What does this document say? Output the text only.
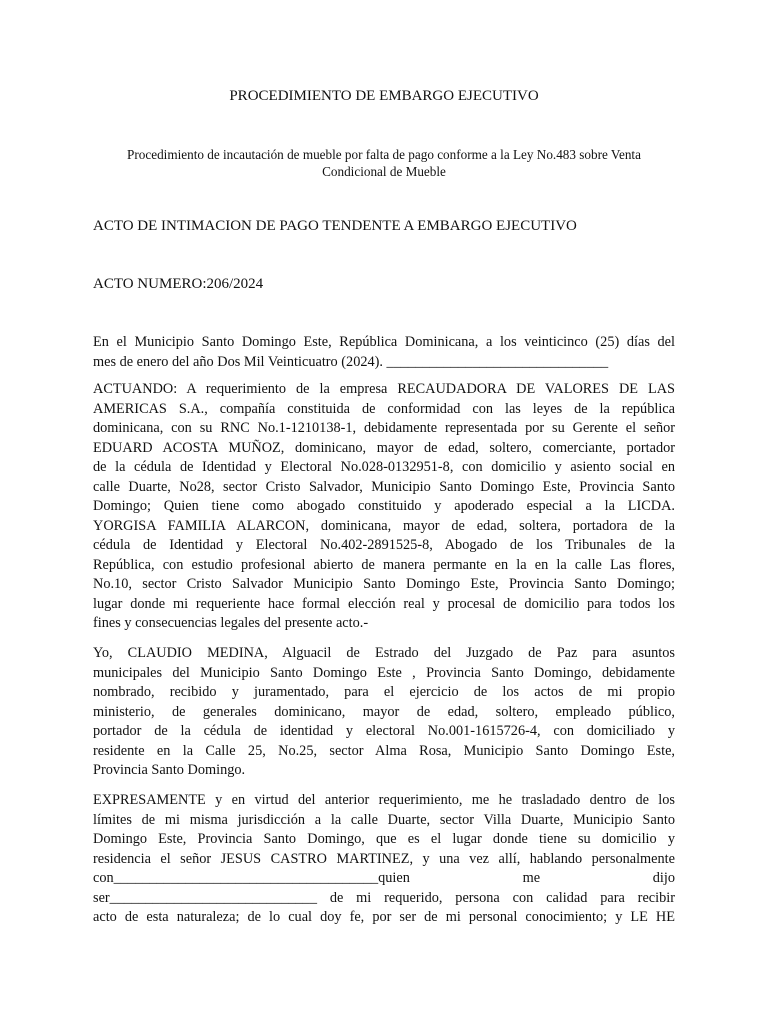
PROCEDIMIENTO DE EMBARGO EJECUTIVO
Procedimiento de incautación de mueble por falta de pago conforme a la Ley No.483 sobre Venta
Condicional de Mueble
ACTO DE INTIMACION DE PAGO TENDENTE A EMBARGO EJECUTIVO
ACTO NUMERO:206/2024
En el Municipio Santo Domingo Este, República Dominicana, a los veinticinco (25) días del
mes de enero del año Dos Mil Veinticuatro (2024). _______________________________
ACTUANDO: A requerimiento de la empresa RECAUDADORA DE VALORES DE LAS
AMERICAS S.A., compañía constituida de conformidad con las leyes de la república
dominicana, con su RNC No.1-1210138-1, debidamente representada por su Gerente el señor
EDUARD ACOSTA MUÑOZ, dominicano, mayor de edad, soltero, comerciante, portador
de la cédula de Identidad y Electoral No.028-0132951-8, con domicilio y asiento social en
calle Duarte, No28, sector Cristo Salvador, Municipio Santo Domingo Este, Provincia Santo
Domingo; Quien tiene como abogado constituido y apoderado especial a la LICDA.
YORGISA FAMILIA ALARCON, dominicana, mayor de edad, soltera, portadora de la
cédula de Identidad y Electoral No.402-2891525-8, Abogado de los Tribunales de la
República, con estudio profesional abierto de manera permante en la en la calle Las flores,
No.10, sector Cristo Salvador Municipio Santo Domingo Este, Provincia Santo Domingo;
lugar donde mi requeriente hace formal elección real y procesal de domicilio para todos los
fines y consecuencias legales del presente acto.-
Yo, CLAUDIO MEDINA, Alguacil de Estrado del Juzgado de Paz para asuntos
municipales del Municipio Santo Domingo Este , Provincia Santo Domingo, debidamente
nombrado, recibido y juramentado, para el ejercicio de los actos de mi propio
ministerio, de generales dominicano, mayor de edad, soltero, empleado público,
portador de la cédula de identidad y electoral No.001-1615726-4, con domiciliado y
residente en la Calle 25, No.25, sector Alma Rosa, Municipio Santo Domingo Este,
Provincia Santo Domingo.
EXPRESAMENTE y en virtud del anterior requerimiento, me he trasladado dentro de los
límites de mi misma jurisdicción a la calle Duarte, sector Villa Duarte, Municipio Santo
Domingo Este, Provincia Santo Domingo, que es el lugar donde tiene su domicilio y
residencia el señor JESUS CASTRO MARTINEZ, y una vez allí, hablando personalmente
con_____________________________________quien me dijo
ser_____________________________ de mi requerido, persona con calidad para recibir
acto de esta naturaleza; de lo cual doy fe, por ser de mi personal conocimiento; y LE HE
